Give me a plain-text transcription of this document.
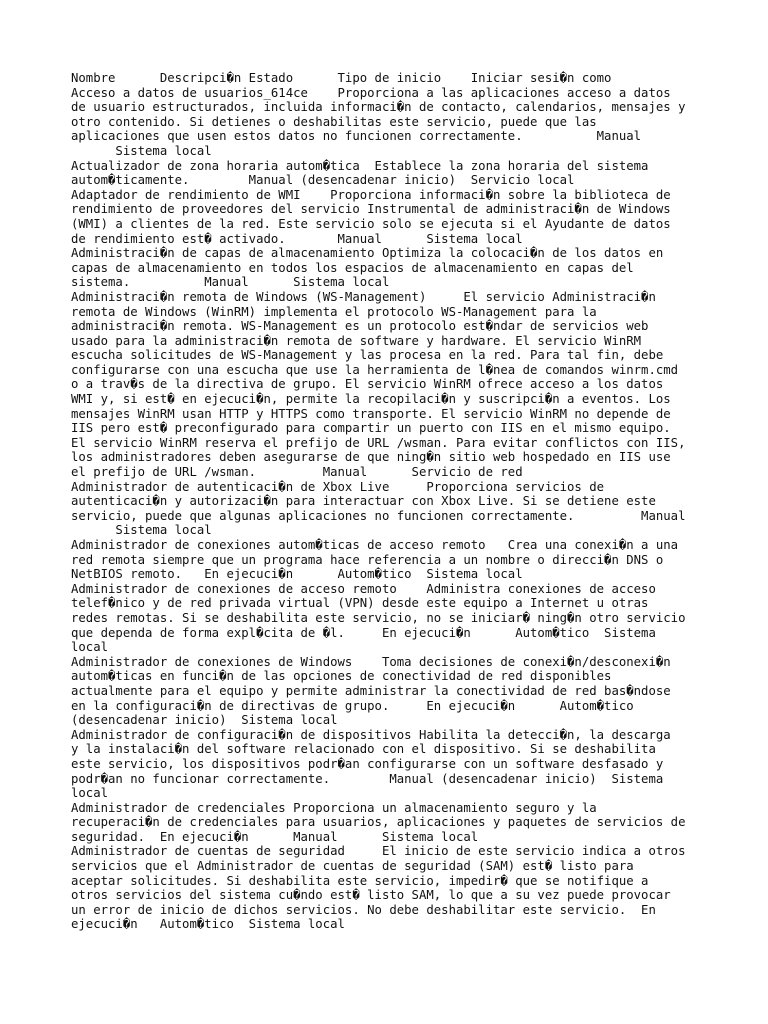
Nombre      Descripci�n Estado      Tipo de inicio    Iniciar sesi�n como
Acceso a datos de usuarios_614ce    Proporciona a las aplicaciones acceso a datos
de usuario estructurados, incluida informaci�n de contacto, calendarios, mensajes y
otro contenido. Si detienes o deshabilitas este servicio, puede que las
aplicaciones que usen estos datos no funcionen correctamente.          Manual
Sistema local
Actualizador de zona horaria autom�tica  Establece la zona horaria del sistema
autom�ticamente.        Manual (desencadenar inicio)  Servicio local
Adaptador de rendimiento de WMI    Proporciona informaci�n sobre la biblioteca de
rendimiento de proveedores del servicio Instrumental de administraci�n de Windows
(WMI) a clientes de la red. Este servicio solo se ejecuta si el Ayudante de datos
de rendimiento est� activado.       Manual      Sistema local
Administraci�n de capas de almacenamiento Optimiza la colocaci�n de los datos en
capas de almacenamiento en todos los espacios de almacenamiento en capas del
sistema.          Manual      Sistema local
Administraci�n remota de Windows (WS-Management)     El servicio Administraci�n
remota de Windows (WinRM) implementa el protocolo WS-Management para la
administraci�n remota. WS-Management es un protocolo est�ndar de servicios web
usado para la administraci�n remota de software y hardware. El servicio WinRM
escucha solicitudes de WS-Management y las procesa en la red. Para tal fin, debe
configurarse con una escucha que use la herramienta de l�nea de comandos winrm.cmd
o a trav�s de la directiva de grupo. El servicio WinRM ofrece acceso a los datos
WMI y, si est� en ejecuci�n, permite la recopilaci�n y suscripci�n a eventos. Los
mensajes WinRM usan HTTP y HTTPS como transporte. El servicio WinRM no depende de
IIS pero est� preconfigurado para compartir un puerto con IIS en el mismo equipo.
El servicio WinRM reserva el prefijo de URL /wsman. Para evitar conflictos con IIS,
los administradores deben asegurarse de que ning�n sitio web hospedado en IIS use
el prefijo de URL /wsman.         Manual      Servicio de red
Administrador de autenticaci�n de Xbox Live     Proporciona servicios de
autenticaci�n y autorizaci�n para interactuar con Xbox Live. Si se detiene este
servicio, puede que algunas aplicaciones no funcionen correctamente.         Manual
Sistema local
Administrador de conexiones autom�ticas de acceso remoto   Crea una conexi�n a una
red remota siempre que un programa hace referencia a un nombre o direcci�n DNS o
NetBIOS remoto.   En ejecuci�n      Autom�tico  Sistema local
Administrador de conexiones de acceso remoto    Administra conexiones de acceso
telef�nico y de red privada virtual (VPN) desde este equipo a Internet u otras
redes remotas. Si se deshabilita este servicio, no se iniciar� ning�n otro servicio
que dependa de forma expl�cita de �l.     En ejecuci�n      Autom�tico  Sistema
local
Administrador de conexiones de Windows    Toma decisiones de conexi�n/desconexi�n
autom�ticas en funci�n de las opciones de conectividad de red disponibles
actualmente para el equipo y permite administrar la conectividad de red bas�ndose
en la configuraci�n de directivas de grupo.     En ejecuci�n      Autom�tico
(desencadenar inicio)  Sistema local
Administrador de configuraci�n de dispositivos Habilita la detecci�n, la descarga
y la instalaci�n del software relacionado con el dispositivo. Si se deshabilita
este servicio, los dispositivos podr�an configurarse con un software desfasado y
podr�an no funcionar correctamente.        Manual (desencadenar inicio)  Sistema
local
Administrador de credenciales Proporciona un almacenamiento seguro y la
recuperaci�n de credenciales para usuarios, aplicaciones y paquetes de servicios de
seguridad.  En ejecuci�n      Manual      Sistema local
Administrador de cuentas de seguridad     El inicio de este servicio indica a otros
servicios que el Administrador de cuentas de seguridad (SAM) est� listo para
aceptar solicitudes. Si deshabilita este servicio, impedir� que se notifique a
otros servicios del sistema cu�ndo est� listo SAM, lo que a su vez puede provocar
un error de inicio de dichos servicios. No debe deshabilitar este servicio.  En
ejecuci�n   Autom�tico  Sistema local
